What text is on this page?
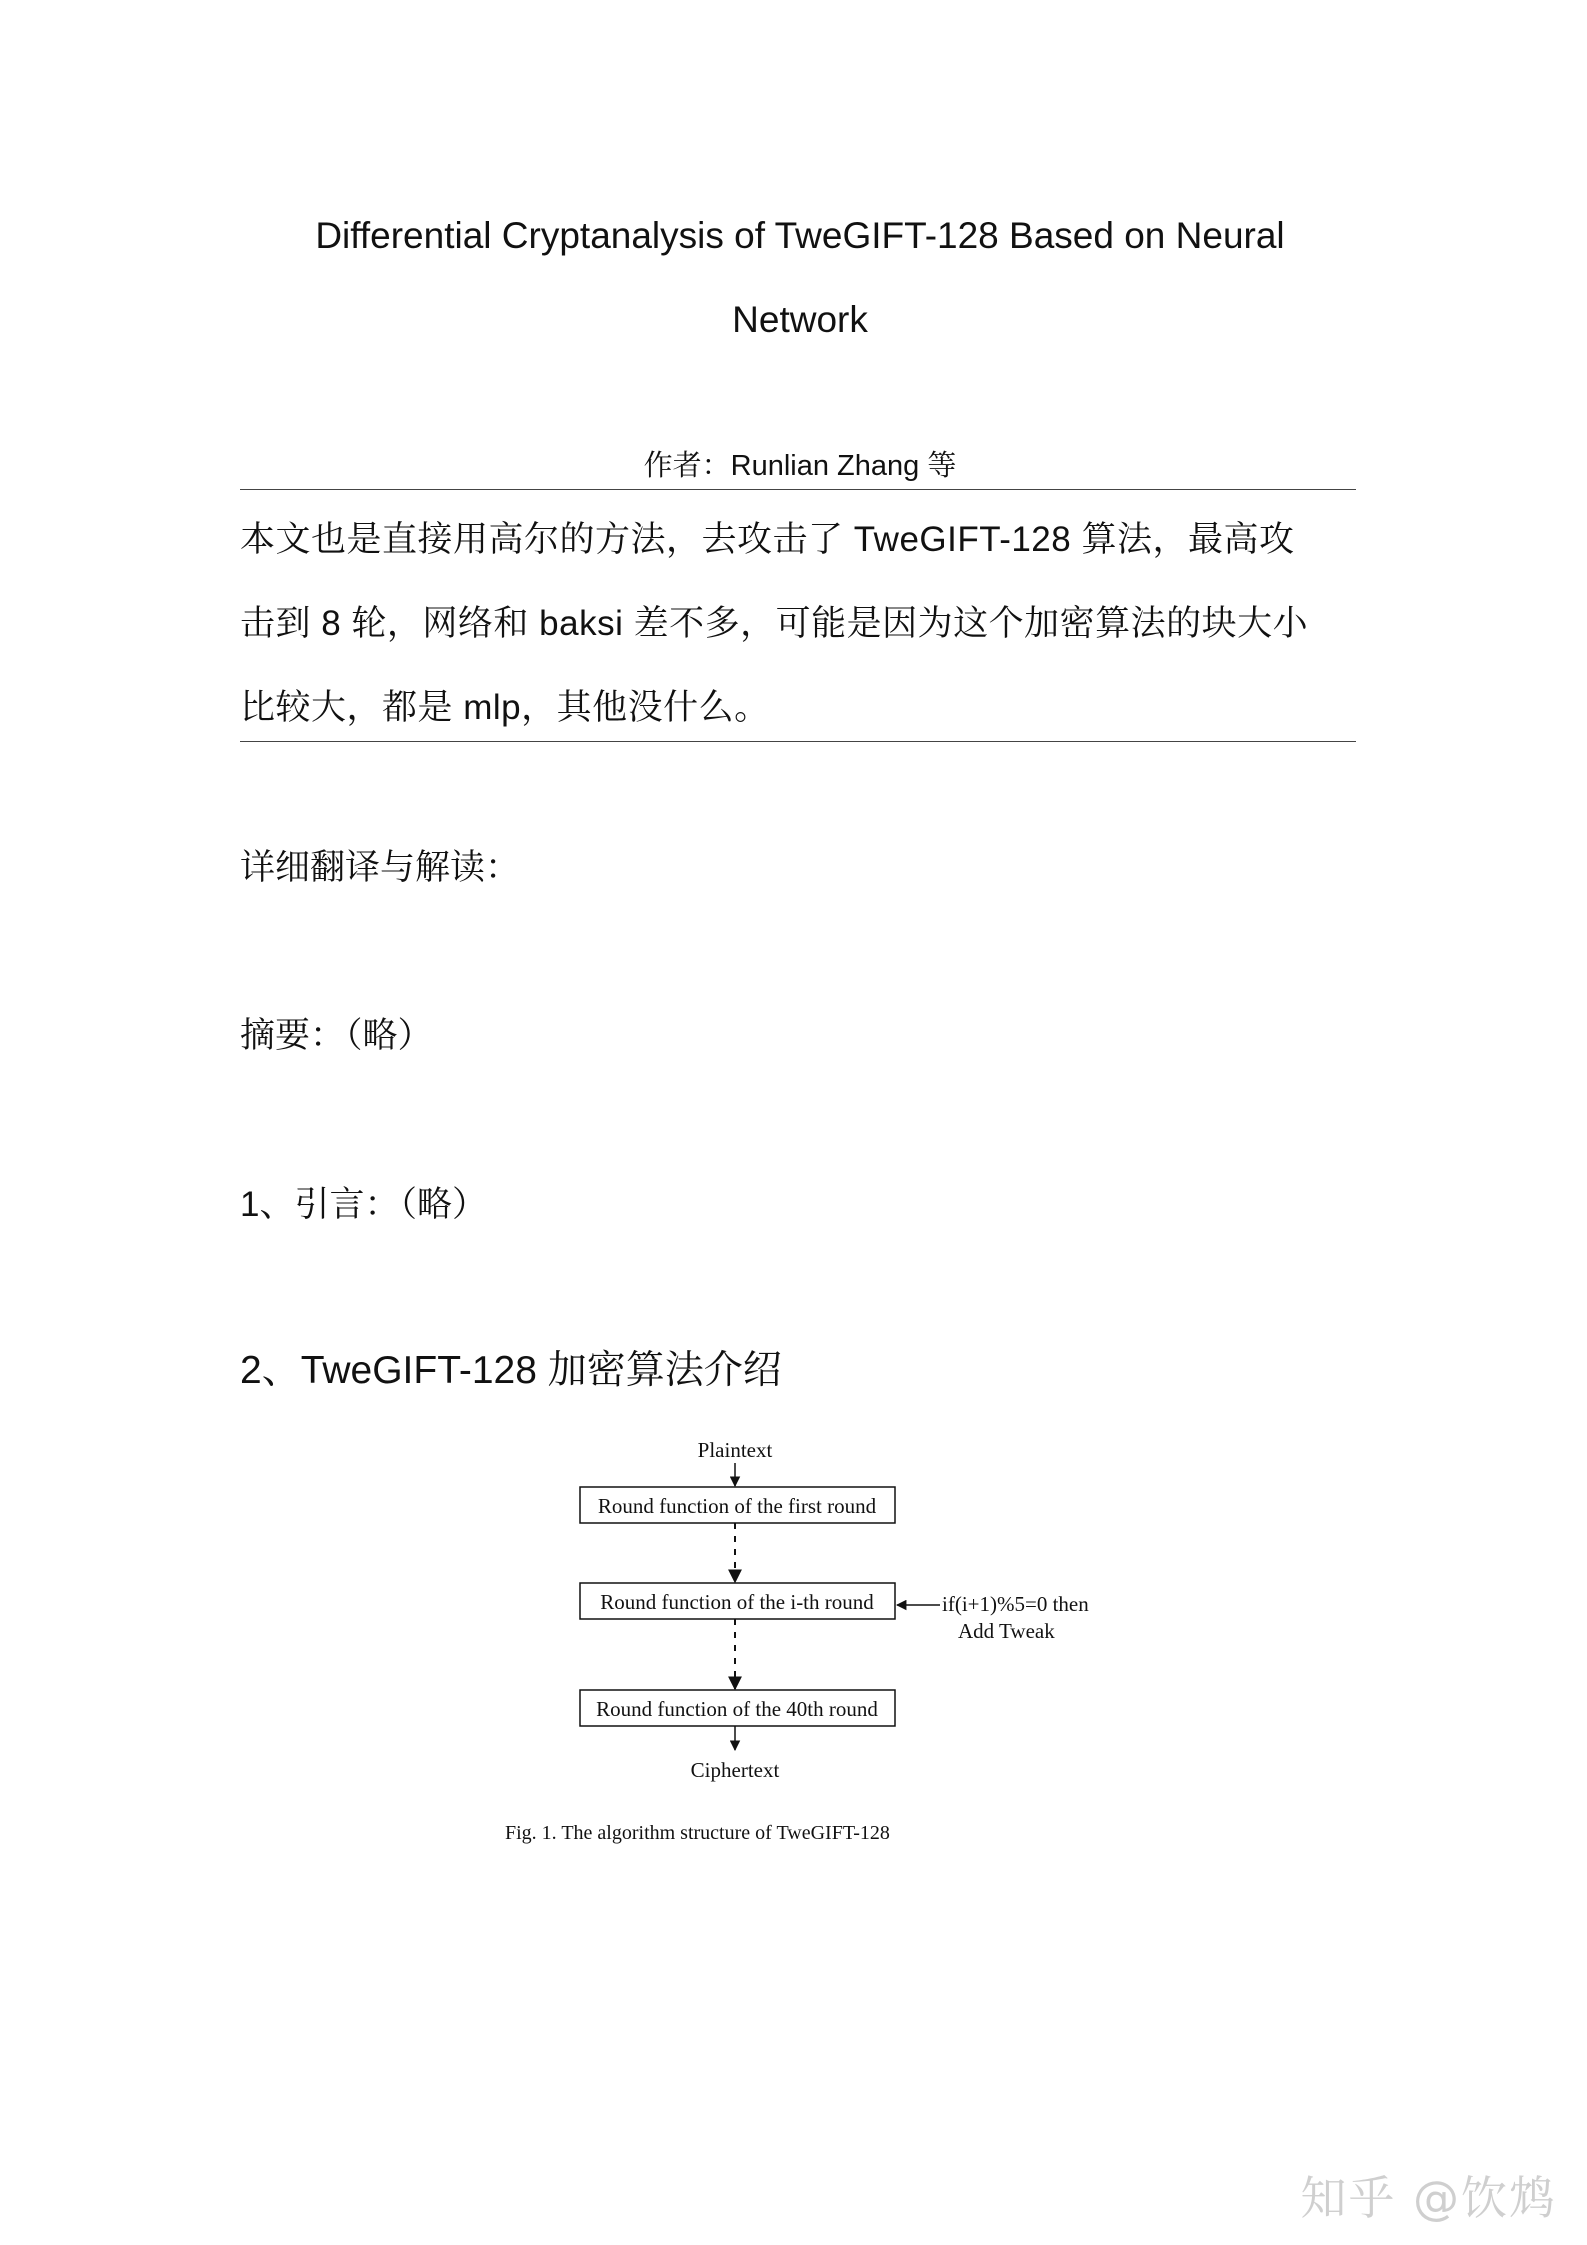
Differential Cryptanalysis of TweGIFT-128 Based on Neural
Network
作者：Runlian Zhang 等
本文也是直接用高尔的方法，去攻击了 TweGIFT-128 算法，最高攻
击到 8 轮，网络和 baksi 差不多，可能是因为这个加密算法的块大小
比较大，都是 mlp，其他没什么。
详细翻译与解读：
摘要：（略）
1、引言：（略）
2、TweGIFT-128 加密算法介绍
Plaintext
Round function of the first round
Round function of the i-th round	if(i+1)%5=0 then
Add Tweak
Round function of the 40th round
Ciphertext
Fig. 1. The algorithm structure of TweGIFT-128
知乎 @饮鸩
